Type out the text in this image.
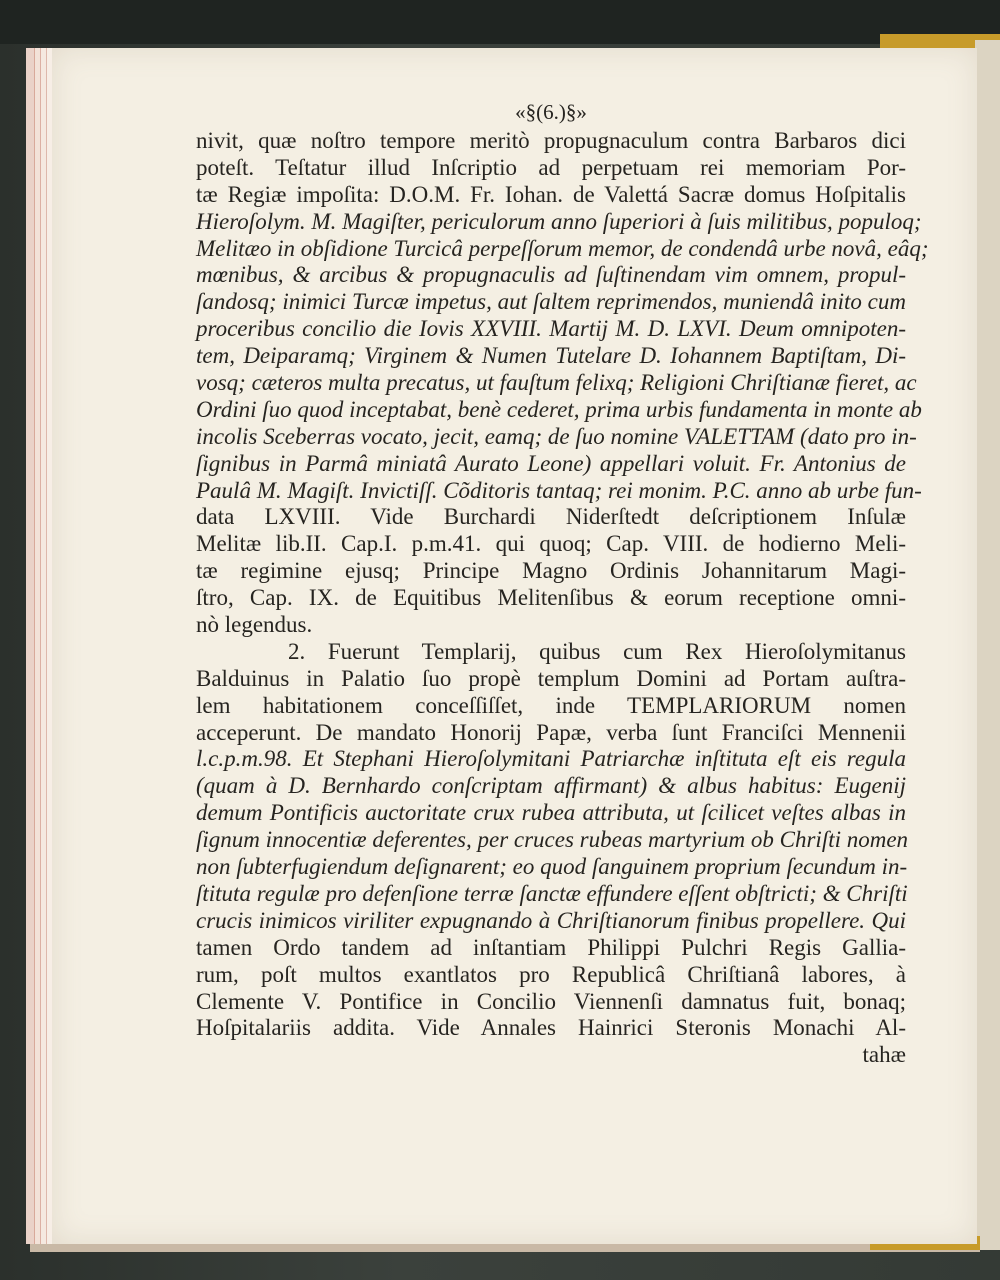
«§(6.)§»
nivit, quæ noſtro tempore meritò propugnaculum contra Barbaros dici
poteſt. Teſtatur illud Inſcriptio ad perpetuam rei memoriam Por-
tæ Regiæ impoſita: D.O.M. Fr. Iohan. de Valettá Sacræ domus Hoſpitalis
Hieroſolym. M. Magiſter, periculorum anno ſuperiori à ſuis militibus, populoq;
Melitæo in obſidione Turcicâ perpeſſorum memor, de condendâ urbe novâ, eâq;
mœnibus, & arcibus & propugnaculis ad ſuſtinendam vim omnem, propul-
ſandosq; inimici Turcæ impetus, aut ſaltem reprimendos, muniendâ inito cum
proceribus concilio die Iovis XXVIII. Martij M. D. LXVI. Deum omnipoten-
tem, Deiparamq; Virginem & Numen Tutelare D. Iohannem Baptiſtam, Di-
vosq; cæteros multa precatus, ut fauſtum felixq; Religioni Chriſtianæ fieret, ac
Ordini ſuo quod inceptabat, benè cederet, prima urbis fundamenta in monte ab
incolis Sceberras vocato, jecit, eamq; de ſuo nomine VALETTAM (dato pro in-
ſignibus in Parmâ miniatâ Aurato Leone) appellari voluit. Fr. Antonius de
Paulâ M. Magiſt. Invictiſſ. Cõditoris tantaq; rei monim. P.C. anno ab urbe fun-
data LXVIII. Vide Burchardi Niderſtedt deſcriptionem Inſulæ
Melitæ lib.II. Cap.I. p.m.41. qui quoq; Cap. VIII. de hodierno Meli-
tæ regimine ejusq; Principe Magno Ordinis Johannitarum Magi-
ſtro, Cap. IX. de Equitibus Melitenſibus & eorum receptione omni-
nò legendus.
2. Fuerunt Templarij, quibus cum Rex Hieroſolymitanus
Balduinus in Palatio ſuo propè templum Domini ad Portam auſtra-
lem habitationem conceſſiſſet, inde TEMPLARIORUM nomen
acceperunt. De mandato Honorij Papæ, verba ſunt Franciſci Mennenii
l.c.p.m.98. Et Stephani Hieroſolymitani Patriarchæ inſtituta eſt eis regula
(quam à D. Bernhardo conſcriptam affirmant) & albus habitus: Eugenij
demum Pontificis auctoritate crux rubea attributa, ut ſcilicet veſtes albas in
ſignum innocentiæ deferentes, per cruces rubeas martyrium ob Chriſti nomen
non ſubterfugiendum deſignarent; eo quod ſanguinem proprium ſecundum in-
ſtituta regulæ pro defenſione terræ ſanctæ effundere eſſent obſtricti; & Chriſti
crucis inimicos viriliter expugnando à Chriſtianorum finibus propellere. Qui
tamen Ordo tandem ad inſtantiam Philippi Pulchri Regis Gallia-
rum, poſt multos exantlatos pro Republicâ Chriſtianâ labores, à
Clemente V. Pontifice in Concilio Viennenſi damnatus fuit, bonaq;
Hoſpitalariis addita. Vide Annales Hainrici Steronis Monachi Al-
tahæ
